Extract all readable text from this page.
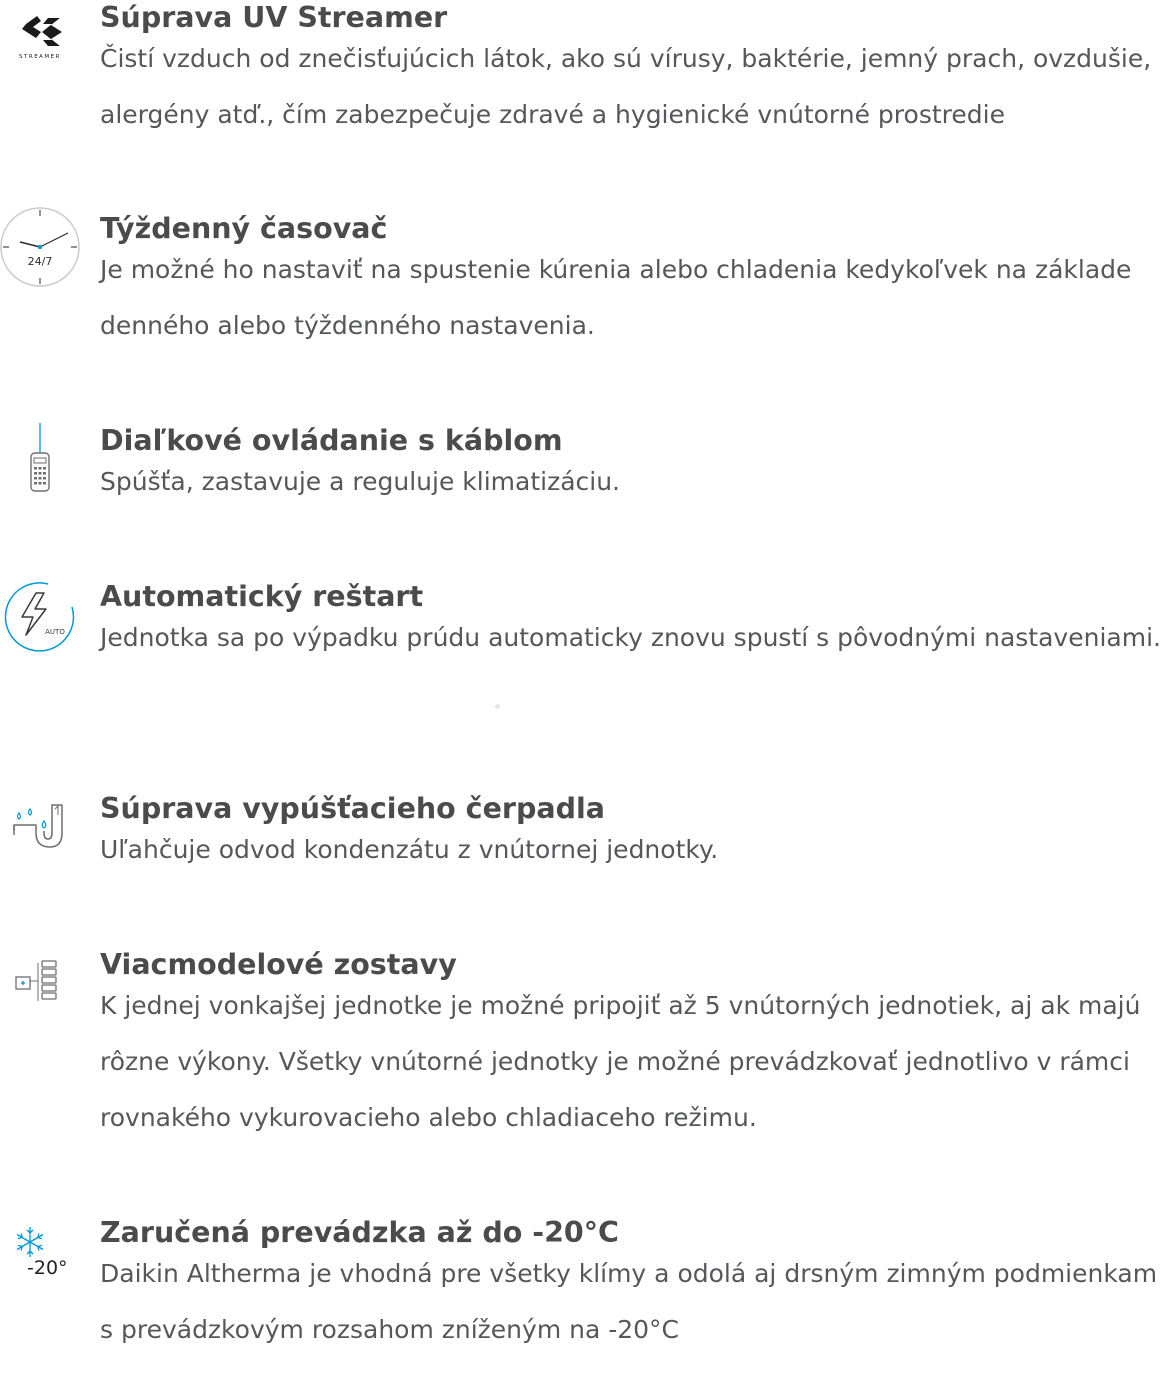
STREAMER
Súprava UV Streamer
Čistí vzduch od znečisťujúcich látok, ako sú vírusy, baktérie, jemný prach, ovzdušie, alergény atď., čím zabezpečuje zdravé a hygienické vnútorné prostredie
24/7
Týždenný časovač
Je možné ho nastaviť na spustenie kúrenia alebo chladenia kedykoľvek na základe denného alebo týždenného nastavenia.
Diaľkové ovládanie s káblom
Spúšťa, zastavuje a reguluje klimatizáciu.
AUTO
Automatický reštart
Jednotka sa po výpadku prúdu automaticky znovu spustí s pôvodnými nastaveniami.
Súprava vypúšťacieho čerpadla
Uľahčuje odvod kondenzátu z vnútornej jednotky.
Viacmodelové zostavy
K jednej vonkajšej jednotke je možné pripojiť až 5 vnútorných jednotiek, aj ak majú rôzne výkony. Všetky vnútorné jednotky je možné prevádzkovať jednotlivo v rámci rovnakého vykurovacieho alebo chladiaceho režimu.
-20°
Zaručená prevádzka až do -20°C
Daikin Altherma je vhodná pre všetky klímy a odolá aj drsným zimným podmienkam s prevádzkovým rozsahom zníženým na -20°C
